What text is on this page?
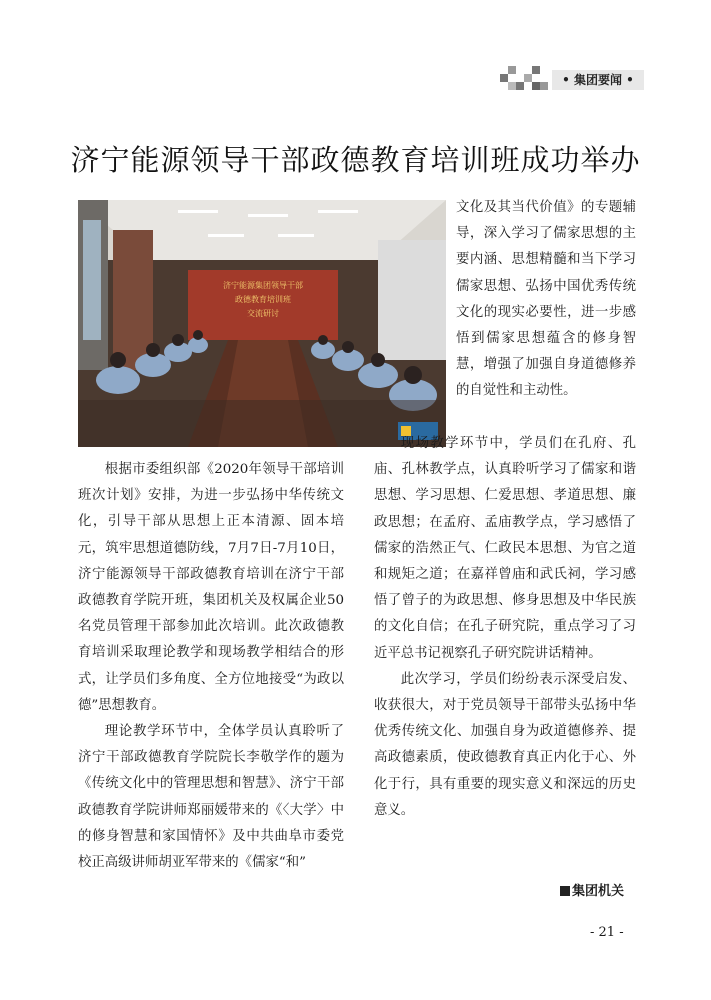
• 集团要闻 •
济宁能源领导干部政德教育培训班成功举办
济宁能源集团领导干部
政德教育培训班
交流研讨

文化及其当代价值》的专题辅导，深入学习了儒家思想的主要内涵、思想精髓和当下学习儒家思想、弘扬中国优秀传统文化的现实必要性，进一步感悟到儒家思想蕴含的修身智慧，增强了加强自身道德修养的自觉性和主动性。

现场教学环节中，学员们在孔府、孔庙、孔林教学点，认真聆听学习了儒家和谐思想、学习思想、仁爱思想、孝道思想、廉政思想；在孟府、孟庙教学点，学习感悟了儒家的浩然正气、仁政民本思想、为官之道和规矩之道；在嘉祥曾庙和武氏祠，学习感悟了曾子的为政思想、修身思想及中华民族的文化自信；在孔子研究院，重点学习了习近平总书记视察孔子研究院讲话精神。

此次学习，学员们纷纷表示深受启发、收获很大，对于党员领导干部带头弘扬中华优秀传统文化、加强自身为政道德修养、提高政德素质，使政德教育真正内化于心、外化于行，具有重要的现实意义和深远的历史意义。

根据市委组织部《2020年领导干部培训班次计划》安排，为进一步弘扬中华传统文化，引导干部从思想上正本清源、固本培元，筑牢思想道德防线，7月7日-7月10日，济宁能源领导干部政德教育培训在济宁干部政德教育学院开班，集团机关及权属企业50名党员管理干部参加此次培训。此次政德教育培训采取理论教学和现场教学相结合的形式，让学员们多角度、全方位地接受“为政以德”思想教育。

理论教学环节中，全体学员认真聆听了济宁干部政德教育学院院长李敬学作的题为《传统文化中的管理思想和智慧》、济宁干部政德教育学院讲师郑丽媛带来的《〈大学〉中的修身智慧和家国情怀》及中共曲阜市委党校正高级讲师胡亚军带来的《儒家“和”

集团机关
- 21 -
